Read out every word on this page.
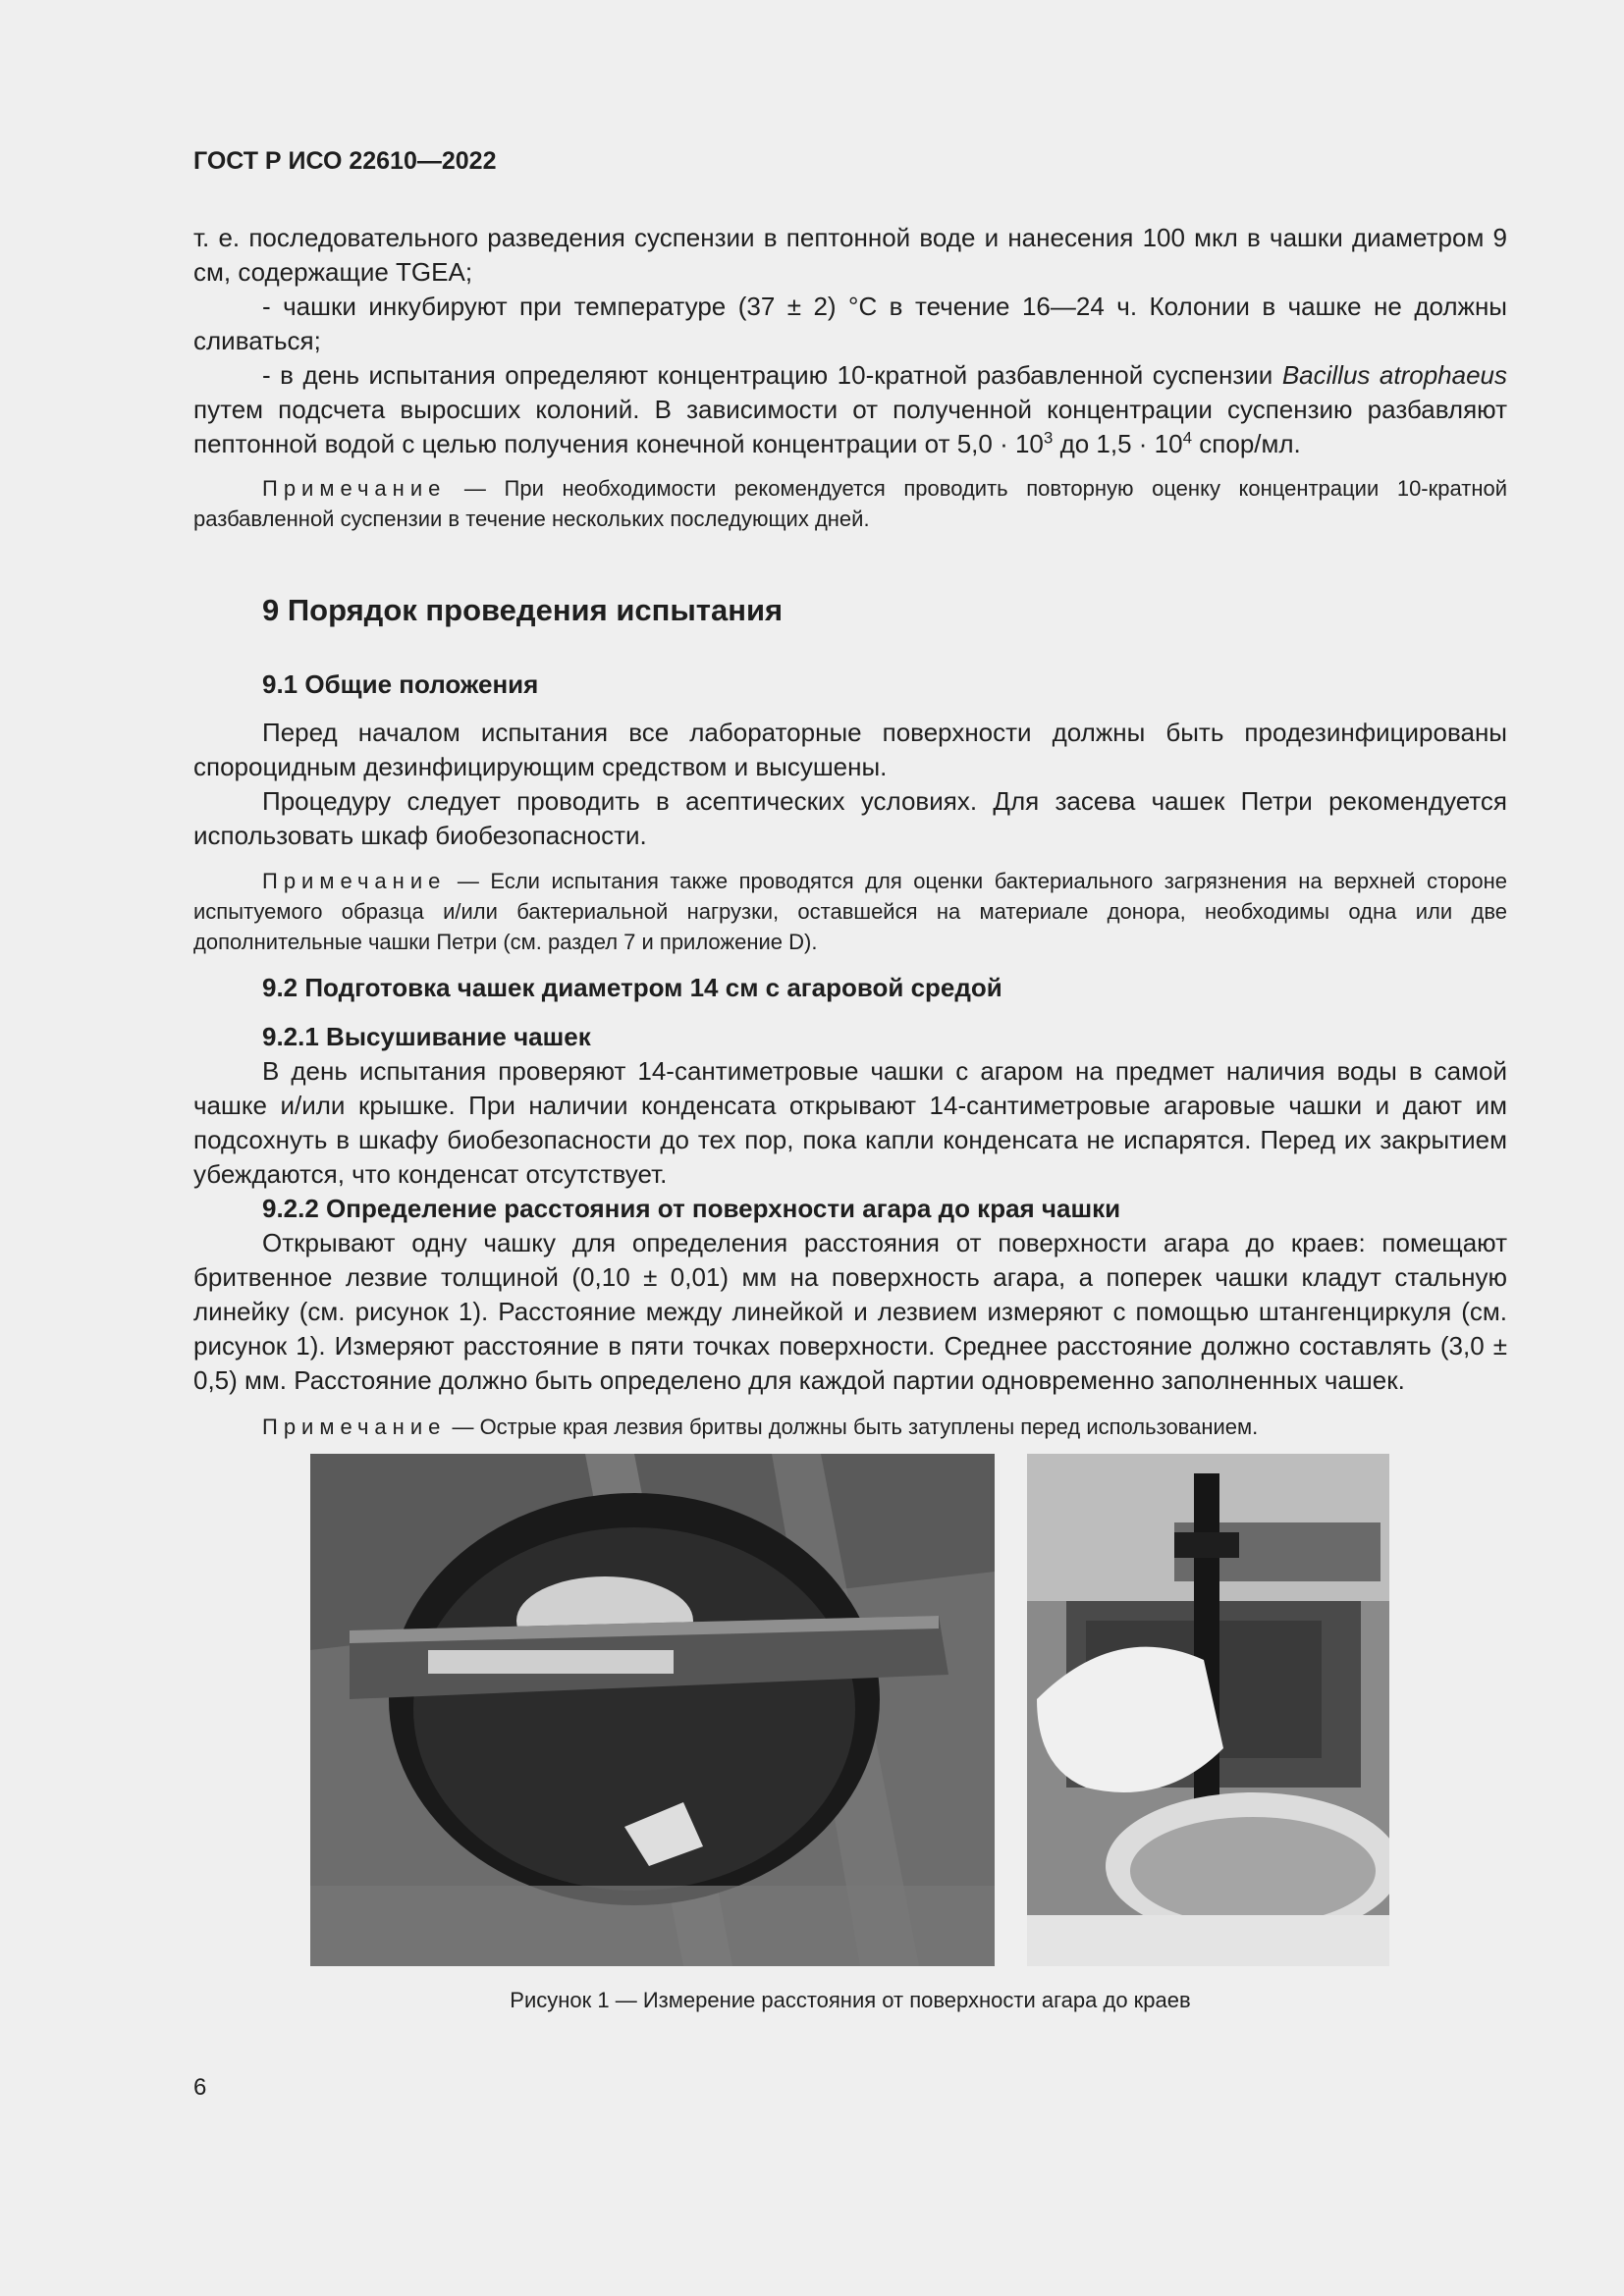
ГОСТ Р ИСО 22610—2022

т. е. последовательного разведения суспензии в пептонной воде и нанесения 100 мкл в чашки диаметром 9 см, содержащие TGEA;

- чашки инкубируют при температуре (37 ± 2) °С в течение 16—24 ч. Колонии в чашке не должны сливаться;

- в день испытания определяют концентрацию 10-кратной разбавленной суспензии Bacillus atrophaeus путем подсчета выросших колоний. В зависимости от полученной концентрации суспензию разбавляют пептонной водой с целью получения конечной концентрации от $5,0 \cdot 10^3$ до $1,5 \cdot 10^4$ спор/мл.

Примечание — При необходимости рекомендуется проводить повторную оценку концентрации 10-кратной разбавленной суспензии в течение нескольких последующих дней.

9 Порядок проведения испытания
9.1 Общие положения

Перед началом испытания все лабораторные поверхности должны быть продезинфицированы спороцидным дезинфицирующим средством и высушены.

Процедуру следует проводить в асептических условиях. Для засева чашек Петри рекомендуется использовать шкаф биобезопасности.

Примечание — Если испытания также проводятся для оценки бактериального загрязнения на верхней стороне испытуемого образца и/или бактериальной нагрузки, оставшейся на материале донора, необходимы одна или две дополнительные чашки Петри (см. раздел 7 и приложение D).

9.2 Подготовка чашек диаметром 14 см с агаровой средой
9.2.1 Высушивание чашек

В день испытания проверяют 14-сантиметровые чашки с агаром на предмет наличия воды в самой чашке и/или крышке. При наличии конденсата открывают 14-сантиметровые агаровые чашки и дают им подсохнуть в шкафу биобезопасности до тех пор, пока капли конденсата не испарятся. Перед их закрытием убеждаются, что конденсат отсутствует.

9.2.2 Определение расстояния от поверхности агара до края чашки

Открывают одну чашку для определения расстояния от поверхности агара до краев: помещают бритвенное лезвие толщиной (0,10 ± 0,01) мм на поверхность агара, а поперек чашки кладут стальную линейку (см. рисунок 1). Расстояние между линейкой и лезвием измеряют с помощью штангенциркуля (см. рисунок 1). Измеряют расстояние в пяти точках поверхности. Среднее расстояние должно составлять (3,0 ± 0,5) мм. Расстояние должно быть определено для каждой партии одновременно заполненных чашек.

Примечание — Острые края лезвия бритвы должны быть затуплены перед использованием.

Рисунок 1 — Измерение расстояния от поверхности агара до краев

6
